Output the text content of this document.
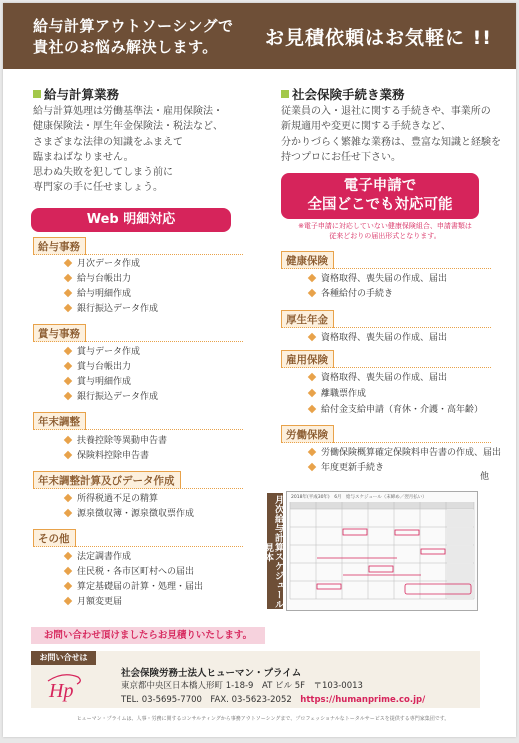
給与計算アウトソーシングで
貴社のお悩み解決します。 お見積依頼はお気軽に !!
給与計算業務
給与計算処理は労働基準法・雇用保険法・
健康保険法・厚生年金保険法・税法など、
さまざまな法律の知識をふまえて
臨まねばなりません。
思わぬ失敗を犯してしまう前に
専門家の手に任せましょう。
Web 明細対応
社会保険手続き業務
従業員の入・退社に関する手続きや、事業所の
新規適用や変更に関する手続きなど、
分かりづらく繁雑な業務は、豊富な知識と経験を
持つプロにお任せ下さい。
電子申請で
全国どこでも対応可能
※電子申請に対応していない健康保険組合、申請書類は
従来どおりの届出形式となります。
給与事務
月次データ作成
給与台帳出力
給与明細作成
銀行振込データ作成
賞与事務
賞与データ作成
賞与台帳出力
賞与明細作成
銀行振込データ作成
年末調整
扶養控除等異動申告書
保険料控除申告書
年末調整計算及びデータ作成
所得税過不足の精算
源泉徴収簿・源泉徴収票作成
その他
法定調書作成
住民税・各市区町村への届出
算定基礎届の計算・処理・届出
月額変更届
健康保険
資格取得、喪失届の作成、届出
各種給付の手続き
厚生年金
資格取得、喪失届の作成、届出
雇用保険
資格取得、喪失届の作成、届出
離職票作成
給付金支給申請（育休・介護・高年齢）
労働保険
労働保険概算確定保険料申告書の作成、届出
年度更新手続き
他
月次給与計算スケジュール見本
2018年(平成30年)　6月　給与スケジュール（末締め／翌月払い）
お問い合わせ頂けましたらお見積りいたします。
お問い合せは
Hp
社会保険労務士法人ヒューマン・プライム
東京都中央区日本橋人形町 1-18-9　AT ビル 5F　〒103-0013
TEL. 03-5695-7700　FAX. 03-5623-2052　 https://humanprime.co.jp/
ヒューマン・プライムは、人事・労務に関するコンサルティングから事務アウトソーシングまで、プロフェッショナルなトータルサービスを提供する専門家集団です。
